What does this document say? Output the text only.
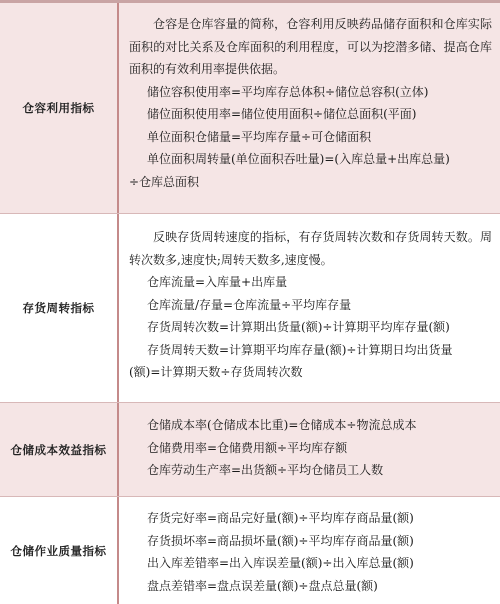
仓容利用指标

仓容是仓库容量的简称，仓容利用反映药品储存面积和仓库实际面积的对比关系及仓库面积的利用程度，可以为挖潜多储、提高仓库面积的有效利用率提供依据。

储位容积使用率=平均库存总体积÷储位总容积(立体)

储位面积使用率=储位使用面积÷储位总面积(平面)

单位面积仓储量=平均库存量÷可仓储面积

单位面积周转量(单位面积吞吐量)=(入库总量+出库总量)
÷仓库总面积

存货周转指标

反映存货周转速度的指标，有存货周转次数和存货周转天数。周转次数多,速度快;周转天数多,速度慢。

仓库流量=入库量+出库量

仓库流量/存量=仓库流量÷平均库存量

存货周转次数=计算期出货量(额)÷计算期平均库存量(额)

存货周转天数=计算期平均库存量(额)÷计算期日均出货量
(额)=计算期天数÷存货周转次数

仓储成本效益指标

仓储成本率(仓储成本比重)=仓储成本÷物流总成本

仓储费用率=仓储费用额÷平均库存额

仓库劳动生产率=出货额÷平均仓储员工人数

仓储作业质量指标

存货完好率=商品完好量(额)÷平均库存商品量(额)

存货损坏率=商品损坏量(额)÷平均库存商品量(额)

出入库差错率=出入库误差量(额)÷出入库总量(额)

盘点差错率=盘点误差量(额)÷盘点总量(额)
